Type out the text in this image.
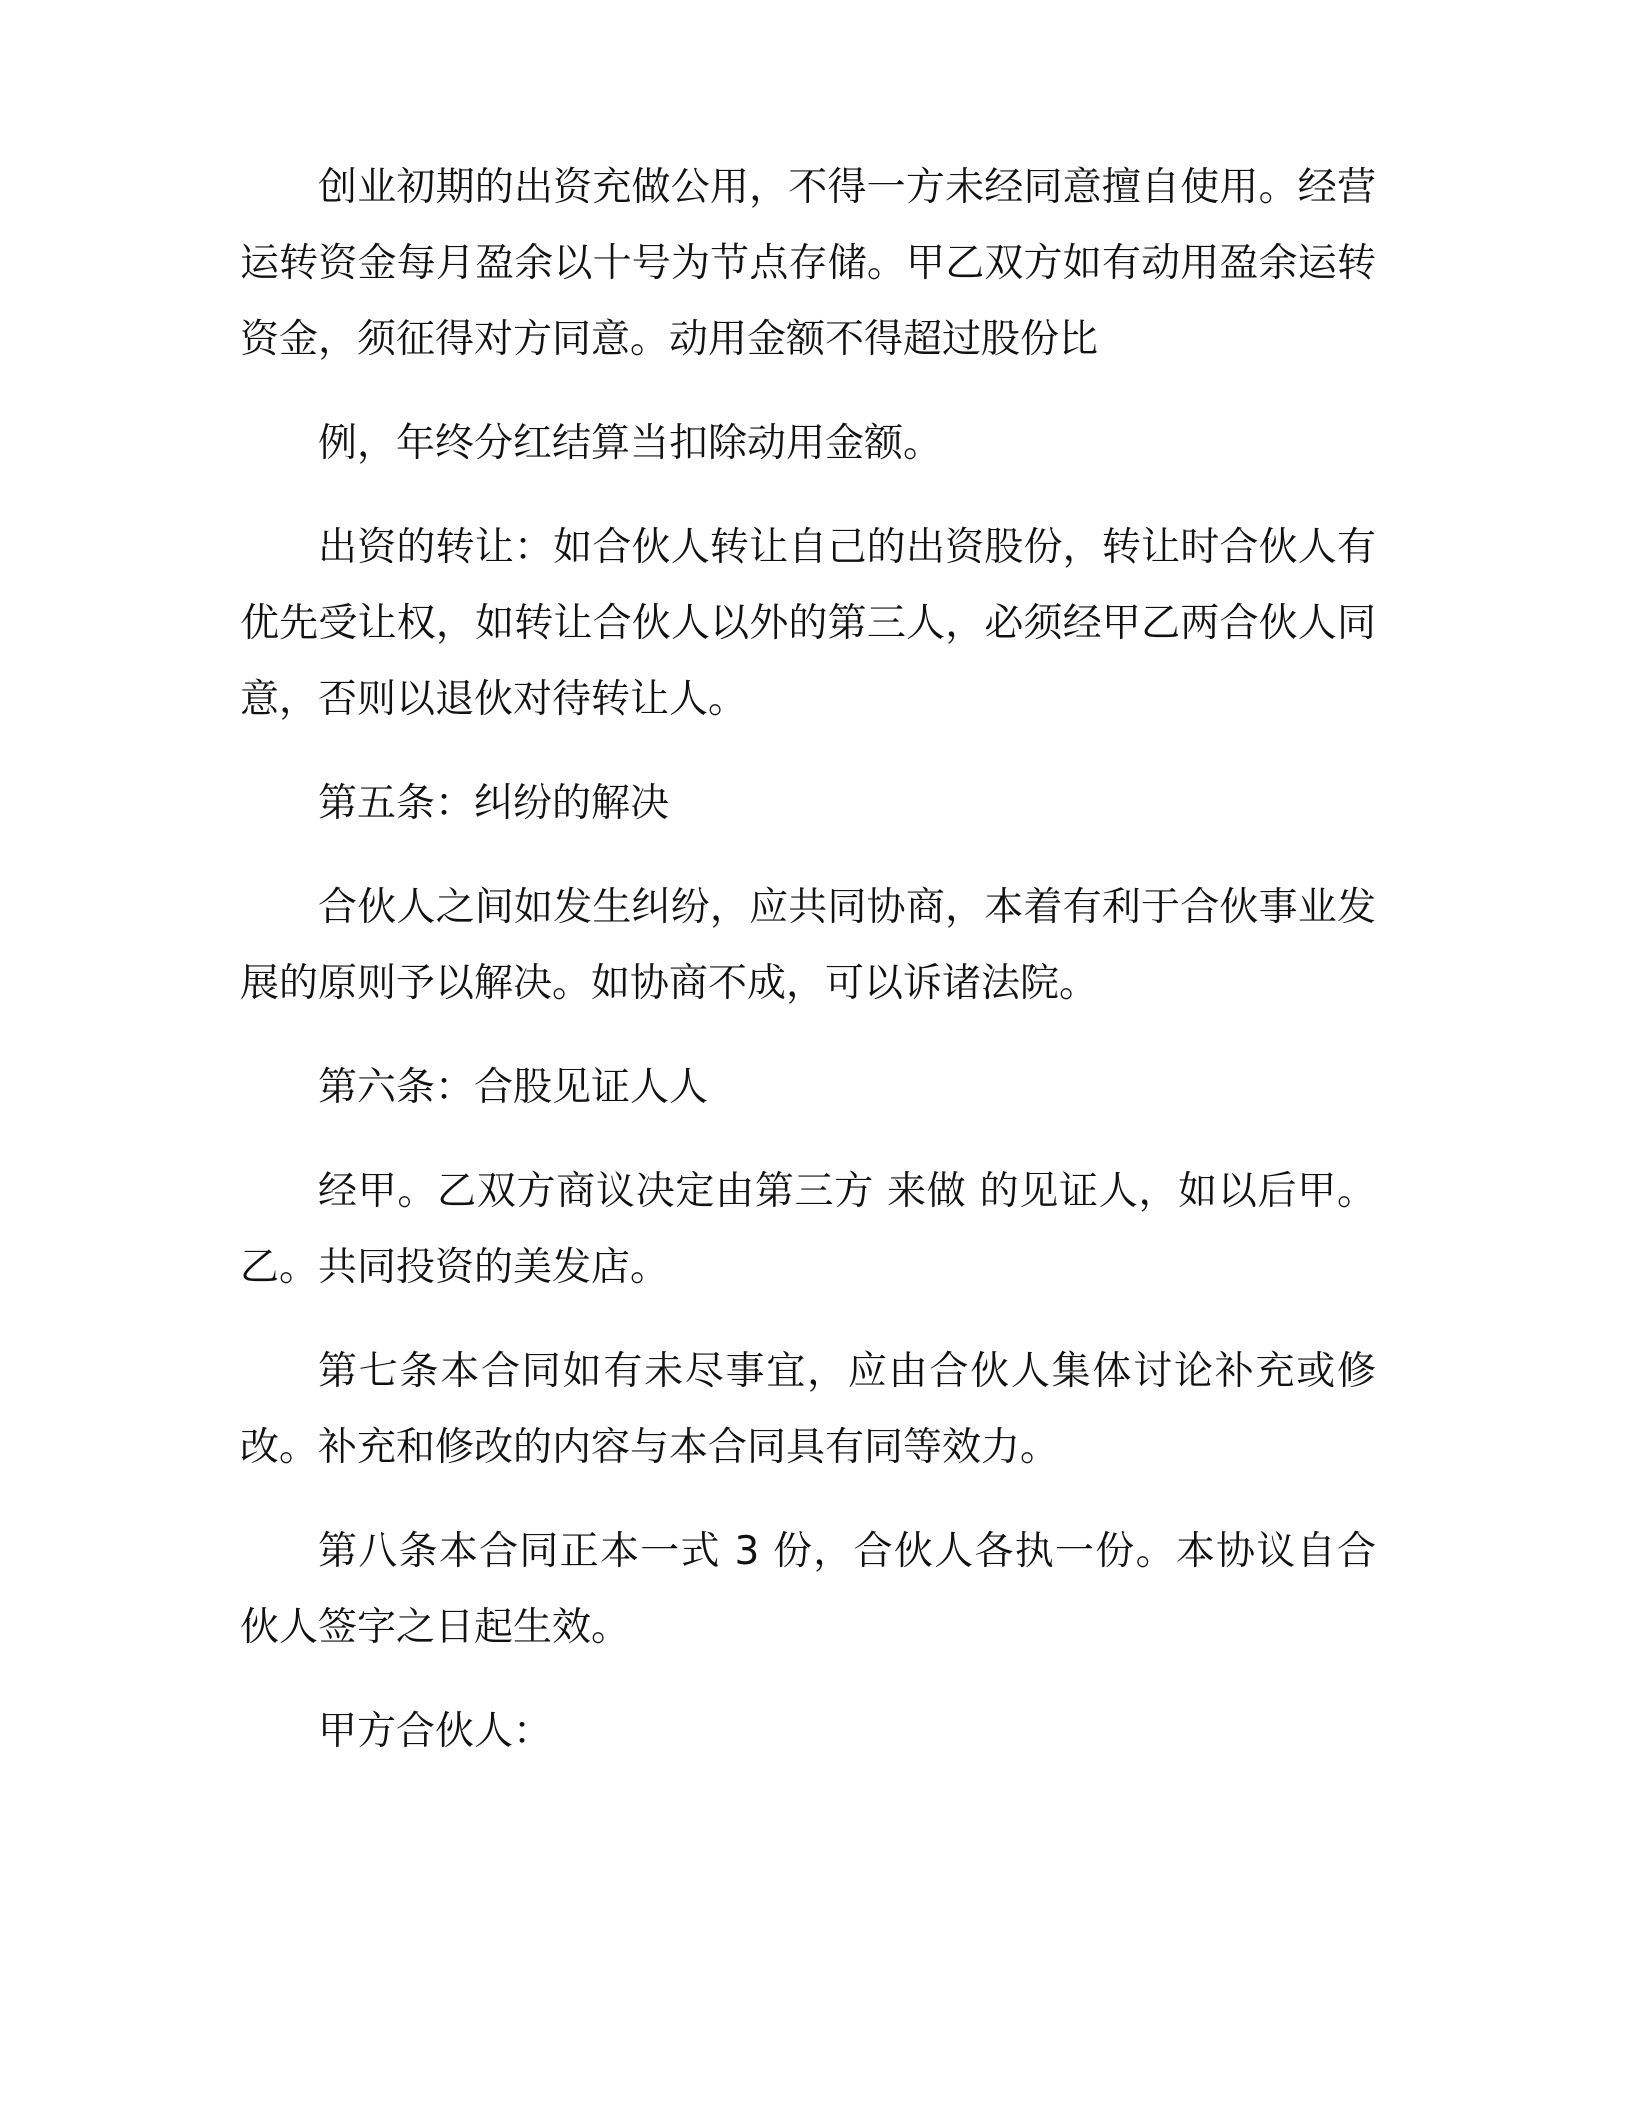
创业初期的出资充做公用，不得一方未经同意擅自使用。经营运转资金每月盈余以十号为节点存储。甲乙双方如有动用盈余运转资金，须征得对方同意。动用金额不得超过股份比

例，年终分红结算当扣除动用金额。

出资的转让：如合伙人转让自己的出资股份，转让时合伙人有优先受让权，如转让合伙人以外的第三人，必须经甲乙两合伙人同意，否则以退伙对待转让人。

第五条：纠纷的解决

合伙人之间如发生纠纷，应共同协商，本着有利于合伙事业发展的原则予以解决。如协商不成，可以诉诸法院。

第六条：合股见证人人

经甲。乙双方商议决定由第三方 来做 的见证人，如以后甲。乙。共同投资的美发店。

第七条本合同如有未尽事宜，应由合伙人集体讨论补充或修改。补充和修改的内容与本合同具有同等效力。

第八条本合同正本一式 3 份，合伙人各执一份。本协议自合伙人签字之日起生效。

甲方合伙人：
